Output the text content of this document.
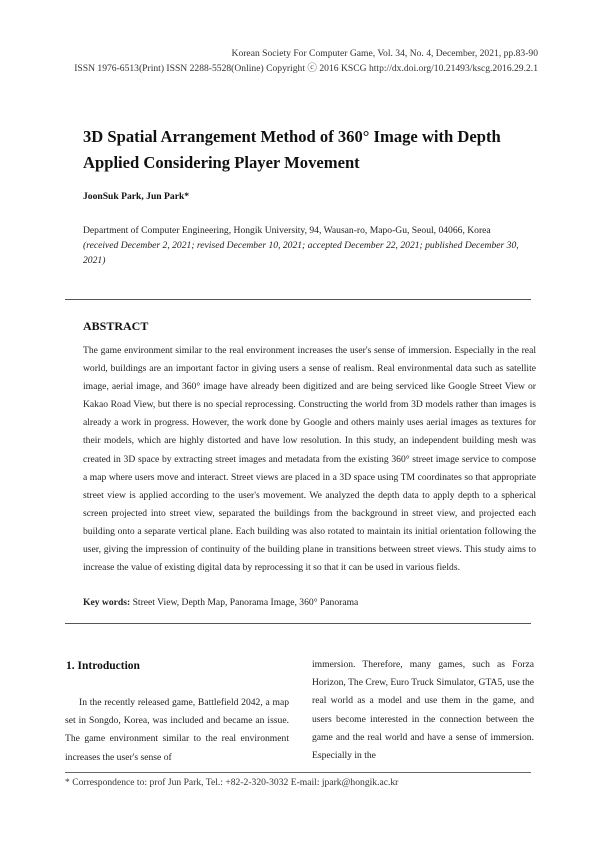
Korean Society For Computer Game, Vol. 34, No. 4, December, 2021, pp.83-90
ISSN 1976-6513(Print) ISSN 2288-5528(Online) Copyright ⓒ 2016 KSCG http://dx.doi.org/10.21493/kscg.2016.29.2.1
3D Spatial Arrangement Method of 360° Image with Depth Applied Considering Player Movement
JoonSuk Park, Jun Park*
Department of Computer Engineering, Hongik University, 94, Wausan-ro, Mapo-Gu, Seoul, 04066, Korea
(received December 2, 2021; revised December 10, 2021; accepted December 22, 2021; published December 30, 2021)
ABSTRACT
The game environment similar to the real environment increases the user's sense of immersion. Especially in the real world, buildings are an important factor in giving users a sense of realism. Real environmental data such as satellite image, aerial image, and 360° image have already been digitized and are being serviced like Google Street View or Kakao Road View, but there is no special reprocessing. Constructing the world from 3D models rather than images is already a work in progress. However, the work done by Google and others mainly uses aerial images as textures for their models, which are highly distorted and have low resolution. In this study, an independent building mesh was created in 3D space by extracting street images and metadata from the existing 360° street image service to compose a map where users move and interact. Street views are placed in a 3D space using TM coordinates so that appropriate street view is applied according to the user's movement. We analyzed the depth data to apply depth to a spherical screen projected into street view, separated the buildings from the background in street view, and projected each building onto a separate vertical plane. Each building was also rotated to maintain its initial orientation following the user, giving the impression of continuity of the building plane in transitions between street views. This study aims to increase the value of existing digital data by reprocessing it so that it can be used in various fields.
Key words: Street View, Depth Map, Panorama Image, 360° Panorama
1. Introduction
In the recently released game, Battlefield 2042, a map set in Songdo, Korea, was included and became an issue. The game environment similar to the real environment increases the user's sense of
immersion. Therefore, many games, such as Forza Horizon, The Crew, Euro Truck Simulator, GTA5, use the real world as a model and use them in the game, and users become interested in the connection between the game and the real world and have a sense of immersion. Especially in the
* Correspondence to: prof Jun Park, Tel.: +82-2-320-3032 E-mail: jpark@hongik.ac.kr
